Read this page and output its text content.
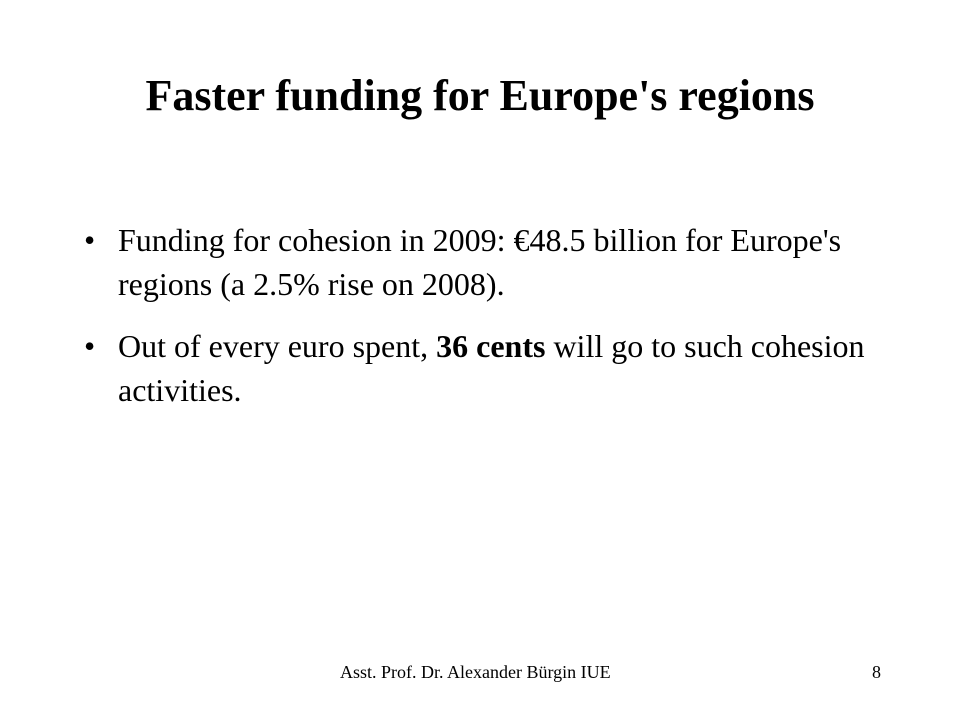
Faster funding for Europe's regions
• Funding for cohesion in 2009: €48.5 billion for Europe's regions (a 2.5% rise on 2008).
• Out of every euro spent, 36 cents will go to such cohesion activities.
Asst. Prof. Dr. Alexander Bürgin IUE	8
